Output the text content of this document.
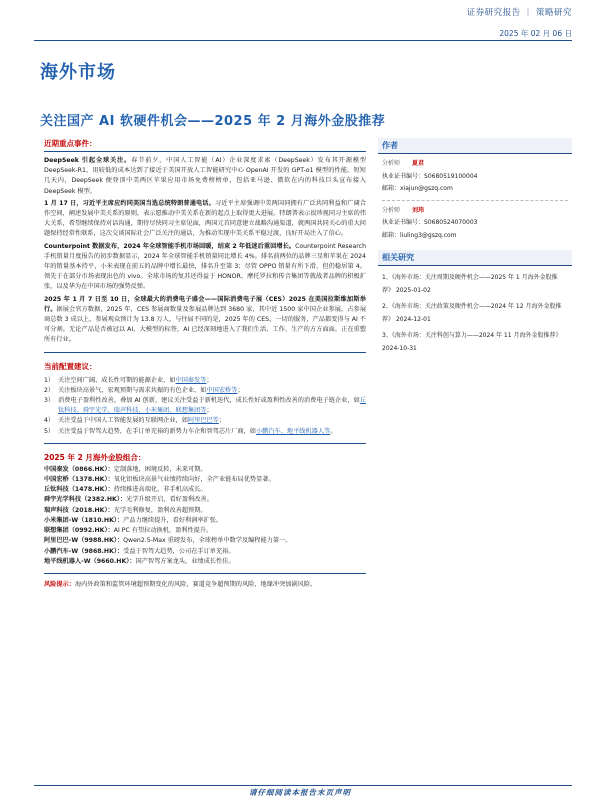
证券研究报告 ｜ 策略研究
2025 年 02 月 06 日
海外市场
关注国产 AI 软硬件机会——2025 年 2 月海外金股推荐
近期重点事件：

DeepSeek 引起全球关注。春节前夕，中国人工智能（AI）企业深度求索（DeepSeek）发布其开源模型 DeepSeek-R1，用较低的成本达到了接近于美国开放人工智能研究中心 OpenAI 开发的 GPT-o1 模型的性能。短短几天内，DeepSeek 便登顶中美两区苹果应用市场免费榜榜单，包括亚马逊、微软在内的科技巨头宣布接入 DeepSeek 模型。

1 月 17 日，习近平主席应约同美国当选总统特朗普通电话。习近平主席强调中美两国同拥有广泛共同利益和广阔合作空间，阐述发展中美关系的原则，表示愿推动中美关系在新的起点上取得更大进展。特朗普表示很珍视同习主席的伟大关系，希望继续保持对话沟通，期待尽快同习主席见面，两国元首同意建立战略沟通渠道，就两国共同关心的重大问题保持经常性联系，这次交谈国际社会广泛关注的通话，为推动实现中美关系平稳过渡，良好开局注入了信心。

Counterpoint 数据发布，2024 年全球智能手机市场回暖，结束 2 年低迷后重回增长。Counterpoint Research 手机销量月度报告的初步数据显示，2024 年全球智能手机销量同比增长 4%。排名前两位的品牌三星和苹果在 2024 年的销量基本持平，小米表现在前五的品牌中增长最快，排名升至第 3；尽管 OPPO 销量有所下滑，但仍稳居第 4。领先于在部分市场表现出色的 vivo。全球市场的复苏还得益于 HONOR、摩托罗拉和传音集团等就战者品牌的积极扩张，以及华为在中国市场的强势反弹。

2025 年 1 月 7 日至 10 日，全球最大的消费电子盛会——国际消费电子展（CES）2025 在美国拉斯维加斯举行。据展会官方数据，2025 年，CES 参展商数量及参展品牌达到 3680 家，其中近 1500 家中国企业参展，占参展商总数 3 成以上，参展观众预计为 13.8 万人，与往届不同的是，2025 年的 CES，一切的服务，产品都变得与 AI 不可分割。无论产品是否被冠以 AI、大模型的标签，AI 已经深刻地进入了我们生活、工作、生产的方方面面。正在重塑所有行业。

当前配置建议：
1） 关注空间广阔、成长性可期的能源企业，如中国秦发等；
2） 关注板块高景气、宏观预期与需求共振的有色企业，如中国宏桥等；
3） 消费电子盈利性改善，叠加 AI 创新，建议关注受益于新机迭代，成长性好或盈利性改善的消费电子链企业，如丘钛科技、舜宇光学、瑞声科技、小米集团、联想集团等；
4） 关注受益于中国人工智能发展的互联网企业，如阿里巴巴等；
5） 关注受益于智驾大趋势，在手订单充裕的新势力车企和智驾芯片厂商，如小鹏汽车、地平线机器人等。
2025 年 2 月海外金股组合：
中国秦发（0866.HK）： 定制落地，困境反转，未来可期。
中国宏桥（1378.HK）： 氧化铝板块高景气业绩持续向好，全产业链布局优势显著。
丘钛科技（1478.HK）： 持续推进高端化，非手机高成长。
舜宇光学科技（2382.HK）： 光学升级开启，看好盈利改善。
瑞声科技（2018.HK）： 光学毛利修复，盈利改善超预期。
小米集团-W（1810.HK）： 产品力继续提升，看好利润率扩张。
联想集团（0992.HK）： AI PC 有望拉动换机，盈利性提升。
阿里巴巴-W（9988.HK）： Qwen2.5-Max 重磅发布，全球榜单中数学及编程能力第一。
小鹏汽车-W（9868.HK）： 受益于智驾大趋势，公司在手订单充裕。
地平线机器人-W（9660.HK）： 国产智驾方案龙头，业绩成长性佳。
风险提示：海内外政策和监管环境超预期变化的风险，赛道竞争超预期的风险，地缘冲突加剧风险。
作者
分析师 夏君
执业证书编号：S0680519100004
邮箱：xiajun@gszq.com
分析师 刘玮
执业证书编号：S0680524070003
邮箱：liuling3@gszq.com
相关研究
1、《海外市场：关注周期及硬件机会——2025 年 1 月海外金股推荐》 2025-01-02
2、《海外市场：关注政策及硬件机会——2024 年 12 月海外金股推荐》 2024-12-01
3、《海外市场：关注科创与算力——2024 年 11 月海外金股推荐》 2024-10-31
请仔细阅读本报告末页声明
